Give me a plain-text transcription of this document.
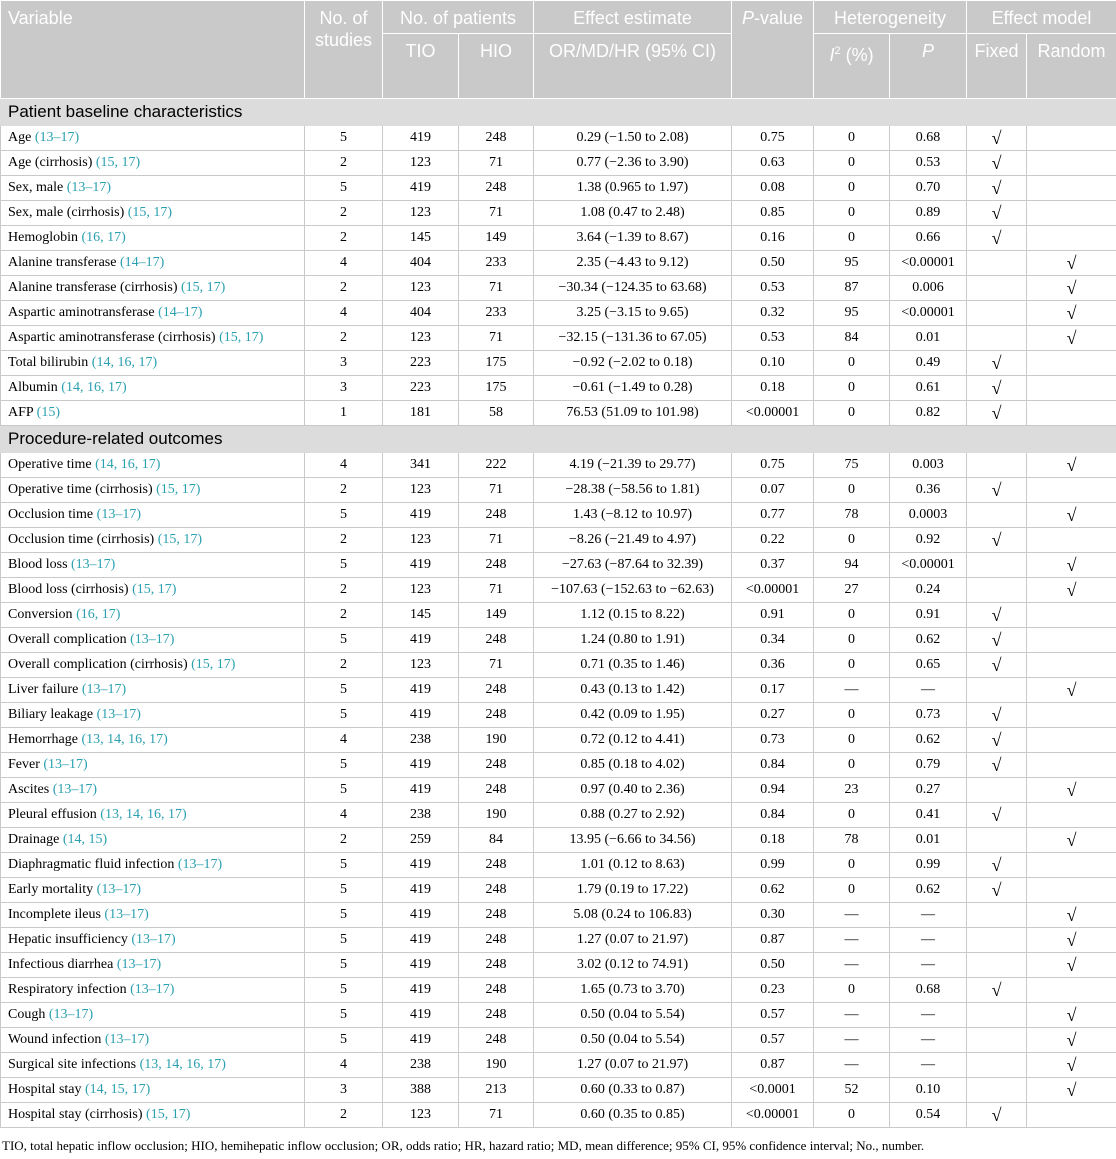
Variable	No. of studies	No. of patients		Effect estimate	P-value	Heterogeneity		Effect model	
		TIO	HIO	OR/MD/HR (95% CI)		$I^2$ (%)	P	Fixed	Random
Patient baseline characteristics									
Age (13–17)	5	419	248	0.29 (−1.50 to 2.08)	0.75	0	0.68	√	
Age (cirrhosis) (15, 17)	2	123	71	0.77 (−2.36 to 3.90)	0.63	0	0.53	√	
Sex, male (13–17)	5	419	248	1.38 (0.965 to 1.97)	0.08	0	0.70	√	
Sex, male (cirrhosis) (15, 17)	2	123	71	1.08 (0.47 to 2.48)	0.85	0	0.89	√	
Hemoglobin (16, 17)	2	145	149	3.64 (−1.39 to 8.67)	0.16	0	0.66	√	
Alanine transferase (14–17)	4	404	233	2.35 (−4.43 to 9.12)	0.50	95	<0.00001		√
Alanine transferase (cirrhosis) (15, 17)	2	123	71	−30.34 (−124.35 to 63.68)	0.53	87	0.006		√
Aspartic aminotransferase (14–17)	4	404	233	3.25 (−3.15 to 9.65)	0.32	95	<0.00001		√
Aspartic aminotransferase (cirrhosis) (15, 17)	2	123	71	−32.15 (−131.36 to 67.05)	0.53	84	0.01		√
Total bilirubin (14, 16, 17)	3	223	175	−0.92 (−2.02 to 0.18)	0.10	0	0.49	√	
Albumin (14, 16, 17)	3	223	175	−0.61 (−1.49 to 0.28)	0.18	0	0.61	√	
AFP (15)	1	181	58	76.53 (51.09 to 101.98)	<0.00001	0	0.82	√	
Procedure-related outcomes									
Operative time (14, 16, 17)	4	341	222	4.19 (−21.39 to 29.77)	0.75	75	0.003		√
Operative time (cirrhosis) (15, 17)	2	123	71	−28.38 (−58.56 to 1.81)	0.07	0	0.36	√	
Occlusion time (13–17)	5	419	248	1.43 (−8.12 to 10.97)	0.77	78	0.0003		√
Occlusion time (cirrhosis) (15, 17)	2	123	71	−8.26 (−21.49 to 4.97)	0.22	0	0.92	√	
Blood loss (13–17)	5	419	248	−27.63 (−87.64 to 32.39)	0.37	94	<0.00001		√
Blood loss (cirrhosis) (15, 17)	2	123	71	−107.63 (−152.63 to −62.63)	<0.00001	27	0.24		√
Conversion (16, 17)	2	145	149	1.12 (0.15 to 8.22)	0.91	0	0.91	√	
Overall complication (13–17)	5	419	248	1.24 (0.80 to 1.91)	0.34	0	0.62	√	
Overall complication (cirrhosis) (15, 17)	2	123	71	0.71 (0.35 to 1.46)	0.36	0	0.65	√	
Liver failure (13–17)	5	419	248	0.43 (0.13 to 1.42)	0.17	—	—		√
Biliary leakage (13–17)	5	419	248	0.42 (0.09 to 1.95)	0.27	0	0.73	√	
Hemorrhage (13, 14, 16, 17)	4	238	190	0.72 (0.12 to 4.41)	0.73	0	0.62	√	
Fever (13–17)	5	419	248	0.85 (0.18 to 4.02)	0.84	0	0.79	√	
Ascites (13–17)	5	419	248	0.97 (0.40 to 2.36)	0.94	23	0.27		√
Pleural effusion (13, 14, 16, 17)	4	238	190	0.88 (0.27 to 2.92)	0.84	0	0.41	√	
Drainage (14, 15)	2	259	84	13.95 (−6.66 to 34.56)	0.18	78	0.01		√
Diaphragmatic fluid infection (13–17)	5	419	248	1.01 (0.12 to 8.63)	0.99	0	0.99	√	
Early mortality (13–17)	5	419	248	1.79 (0.19 to 17.22)	0.62	0	0.62	√	
Incomplete ileus (13–17)	5	419	248	5.08 (0.24 to 106.83)	0.30	—	—		√
Hepatic insufficiency (13–17)	5	419	248	1.27 (0.07 to 21.97)	0.87	—	—		√
Infectious diarrhea (13–17)	5	419	248	3.02 (0.12 to 74.91)	0.50	—	—		√
Respiratory infection (13–17)	5	419	248	1.65 (0.73 to 3.70)	0.23	0	0.68	√	
Cough (13–17)	5	419	248	0.50 (0.04 to 5.54)	0.57	—	—		√
Wound infection (13–17)	5	419	248	0.50 (0.04 to 5.54)	0.57	—	—		√
Surgical site infections (13, 14, 16, 17)	4	238	190	1.27 (0.07 to 21.97)	0.87	—	—		√
Hospital stay (14, 15, 17)	3	388	213	0.60 (0.33 to 0.87)	<0.0001	52	0.10		√
Hospital stay (cirrhosis) (15, 17)	2	123	71	0.60 (0.35 to 0.85)	<0.00001	0	0.54	√	
TIO, total hepatic inflow occlusion; HIO, hemihepatic inflow occlusion; OR, odds ratio; HR, hazard ratio; MD, mean difference; 95% CI, 95% confidence interval; No., number.
